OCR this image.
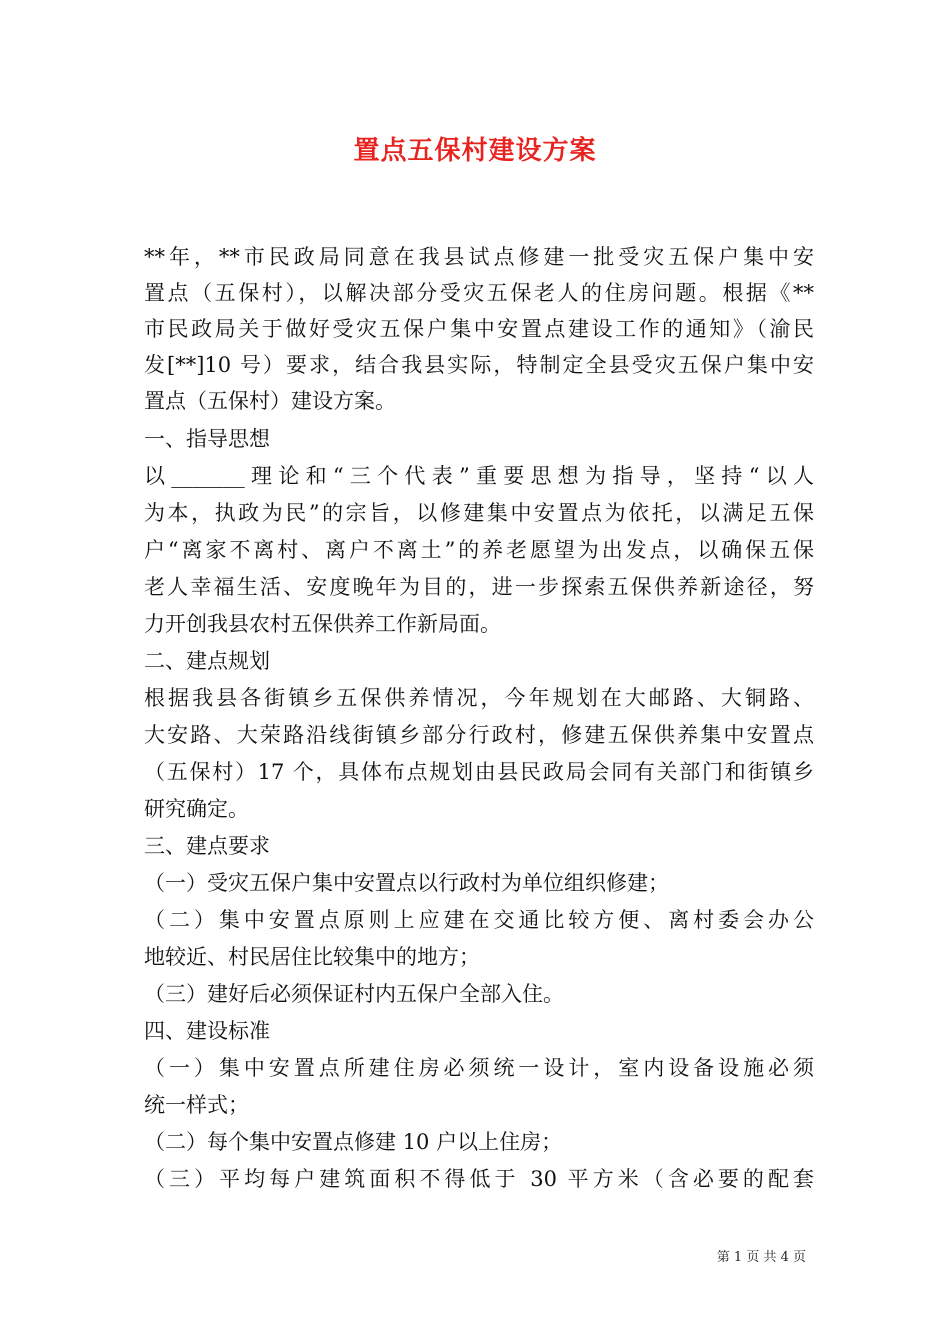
置点五保村建设方案
**年，**市民政局同意在我县试点修建一批受灾五保户集中安
置点（五保村），以解决部分受灾五保老人的住房问题。根据《**
市民政局关于做好受灾五保户集中安置点建设工作的通知》（渝民
发[**]10 号）要求，结合我县实际，特制定全县受灾五保户集中安
置点（五保村）建设方案。
一、指导思想
以_______理论和“三个代表”重要思想为指导，坚持“以人
为本，执政为民”的宗旨，以修建集中安置点为依托，以满足五保
户“离家不离村、离户不离土”的养老愿望为出发点，以确保五保
老人幸福生活、安度晚年为目的，进一步探索五保供养新途径，努
力开创我县农村五保供养工作新局面。
二、建点规划
根据我县各街镇乡五保供养情况，今年规划在大邮路、大铜路、
大安路、大荣路沿线街镇乡部分行政村，修建五保供养集中安置点
（五保村）17 个，具体布点规划由县民政局会同有关部门和街镇乡
研究确定。
三、建点要求
（一）受灾五保户集中安置点以行政村为单位组织修建；
（二）集中安置点原则上应建在交通比较方便、离村委会办公
地较近、村民居住比较集中的地方；
（三）建好后必须保证村内五保户全部入住。
四、建设标准
（一）集中安置点所建住房必须统一设计，室内设备设施必须
统一样式；
（二）每个集中安置点修建 10 户以上住房；
（三）平均每户建筑面积不得低于 30 平方米（含必要的配套
第 1 页 共 4 页
